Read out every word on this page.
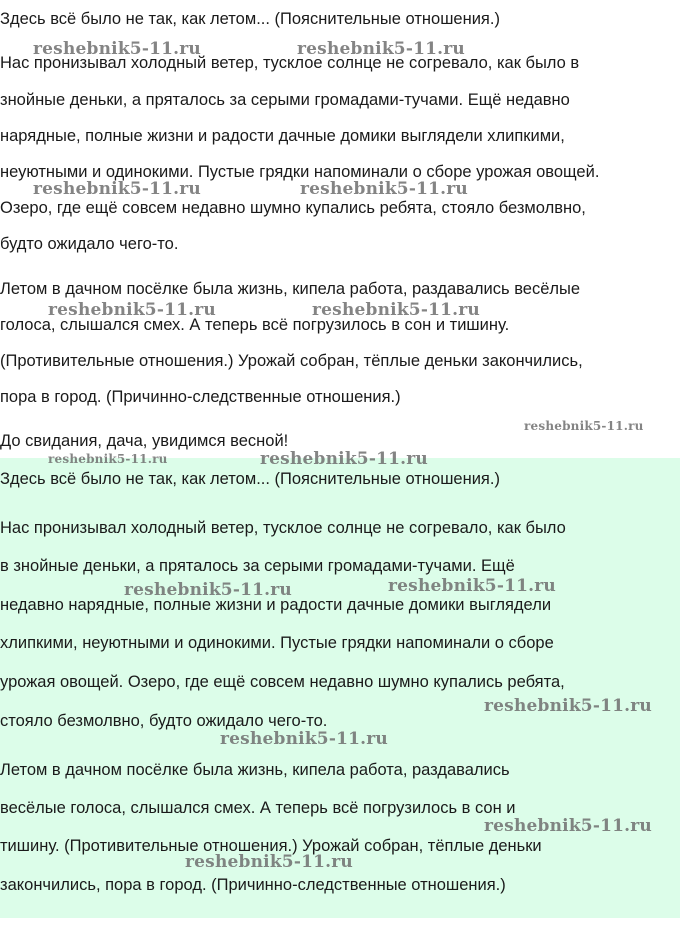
Здесь всё было не так, как летом... (Пояснительные отношения.)
Нас пронизывал холодный ветер, тусклое солнце не согревало, как было в
знойные деньки, а пряталось за серыми громадами-тучами. Ещё недавно
нарядные, полные жизни и радости дачные домики выглядели хлипкими,
неуютными и одинокими. Пустые грядки напоминали о сборе урожая овощей.
Озеро, где ещё совсем недавно шумно купались ребята, стояло безмолвно,
будто ожидало чего-то.
Летом в дачном посёлке была жизнь, кипела работа, раздавались весёлые
голоса, слышался смех. А теперь всё погрузилось в сон и тишину.
(Противительные отношения.) Урожай собран, тёплые деньки закончились,
пора в город. (Причинно-следственные отношения.)
До свидания, дача, увидимся весной!
Здесь всё было не так, как летом... (Пояснительные отношения.)
Нас пронизывал холодный ветер, тусклое солнце не согревало, как было
в знойные деньки, а пряталось за серыми громадами-тучами. Ещё
недавно нарядные, полные жизни и радости дачные домики выглядели
хлипкими, неуютными и одинокими. Пустые грядки напоминали о сборе
урожая овощей. Озеро, где ещё совсем недавно шумно купались ребята,
стояло безмолвно, будто ожидало чего-то.
Летом в дачном посёлке была жизнь, кипела работа, раздавались
весёлые голоса, слышался смех. А теперь всё погрузилось в сон и
тишину. (Противительные отношения.) Урожай собран, тёплые деньки
закончились, пора в город. (Причинно-следственные отношения.)
reshebnik5-11.ru	reshebnik5-11.ru
reshebnik5-11.ru	reshebnik5-11.ru
reshebnik5-11.ru	reshebnik5-11.ru
reshebnik5-11.ru
reshebnik5-11.ru	reshebnik5-11.ru
reshebnik5-11.ru	reshebnik5-11.ru
reshebnik5-11.ru
reshebnik5-11.ru
reshebnik5-11.ru
reshebnik5-11.ru
